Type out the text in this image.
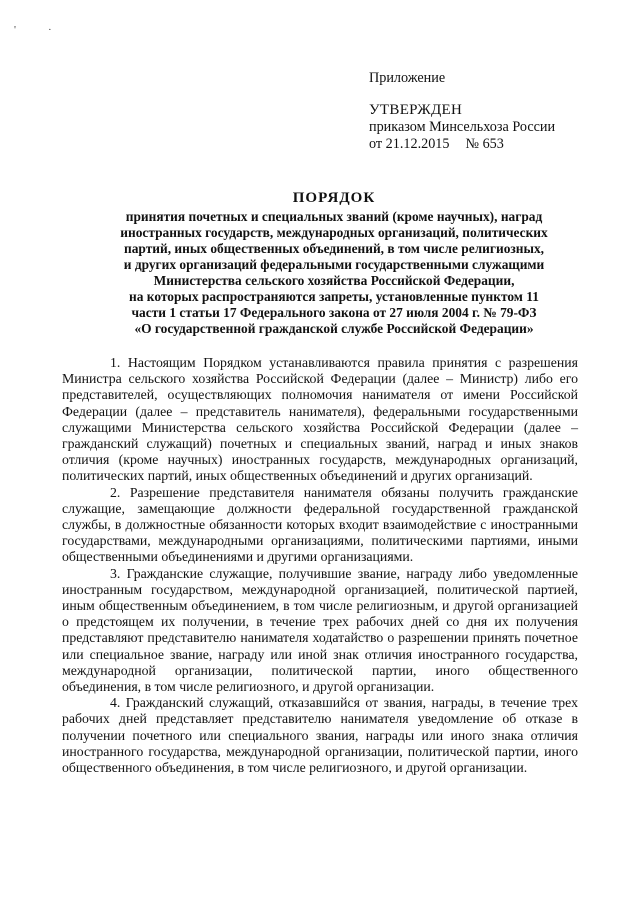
'	·
Приложение
УТВЕРЖДЕН
приказом Минсельхоза России
от 21.12.2015 № 653
ПОРЯДОК
принятия почетных и специальных званий (кроме научных), наград
иностранных государств, международных организаций, политических
партий, иных общественных объединений, в том числе религиозных,
и других организаций федеральными государственными служащими
Министерства сельского хозяйства Российской Федерации,
на которых распространяются запреты, установленные пунктом 11
части 1 статьи 17 Федерального закона от 27 июля 2004 г. № 79-ФЗ
«О государственной гражданской службе Российской Федерации»

1. Настоящим Порядком устанавливаются правила принятия с разрешения Министра сельского хозяйства Российской Федерации (далее – Министр) либо его представителей, осуществляющих полномочия нанимателя от имени Российской Федерации (далее – представитель нанимателя), федеральными государственными служащими Министерства сельского хозяйства Российской Федерации (далее – гражданский служащий) почетных и специальных званий, наград и иных знаков отличия (кроме научных) иностранных государств, международных организаций, политических партий, иных общественных объединений и других организаций.

2. Разрешение представителя нанимателя обязаны получить гражданские служащие, замещающие должности федеральной государственной гражданской службы, в должностные обязанности которых входит взаимодействие с иностранными государствами, международными организациями, политическими партиями, иными общественными объединениями и другими организациями.

3. Гражданские служащие, получившие звание, награду либо уведомленные иностранным государством, международной организацией, политической партией, иным общественным объединением, в том числе религиозным, и другой организацией о предстоящем их получении, в течение трех рабочих дней со дня их получения представляют представителю нанимателя ходатайство о разрешении принять почетное или специальное звание, награду или иной знак отличия иностранного государства, международной организации, политической партии, иного общественного объединения, в том числе религиозного, и другой организации.

4. Гражданский служащий, отказавшийся от звания, награды, в течение трех рабочих дней представляет представителю нанимателя уведомление об отказе в получении почетного или специального звания, награды или иного знака отличия иностранного государства, международной организации, политической партии, иного общественного объединения, в том числе религиозного, и другой организации.
